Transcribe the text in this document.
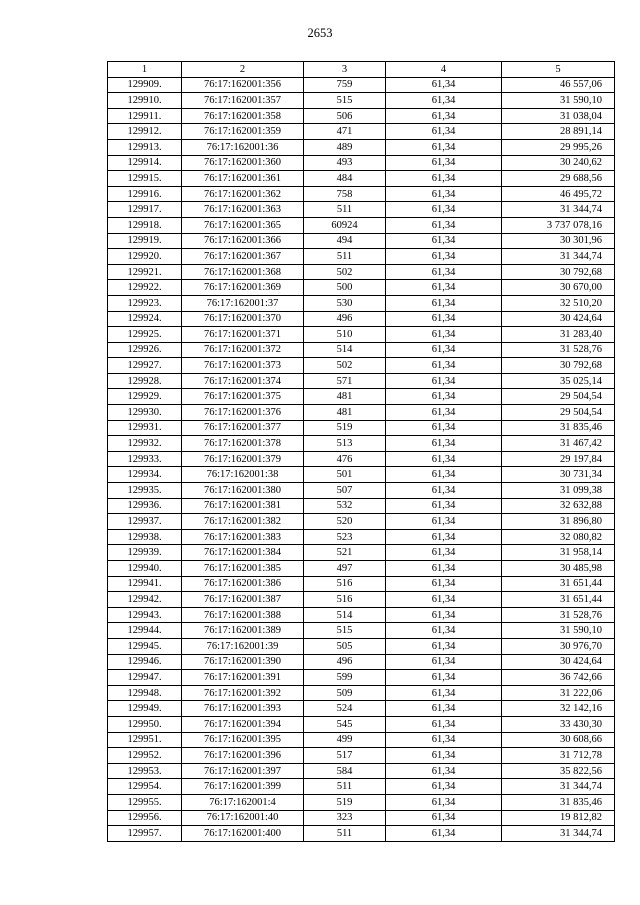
2653
1	2	3	4	5
129909.	76:17:162001:356	759	61,34	46 557,06
129910.	76:17:162001:357	515	61,34	31 590,10
129911.	76:17:162001:358	506	61,34	31 038,04
129912.	76:17:162001:359	471	61,34	28 891,14
129913.	76:17:162001:36	489	61,34	29 995,26
129914.	76:17:162001:360	493	61,34	30 240,62
129915.	76:17:162001:361	484	61,34	29 688,56
129916.	76:17:162001:362	758	61,34	46 495,72
129917.	76:17:162001:363	511	61,34	31 344,74
129918.	76:17:162001:365	60924	61,34	3 737 078,16
129919.	76:17:162001:366	494	61,34	30 301,96
129920.	76:17:162001:367	511	61,34	31 344,74
129921.	76:17:162001:368	502	61,34	30 792,68
129922.	76:17:162001:369	500	61,34	30 670,00
129923.	76:17:162001:37	530	61,34	32 510,20
129924.	76:17:162001:370	496	61,34	30 424,64
129925.	76:17:162001:371	510	61,34	31 283,40
129926.	76:17:162001:372	514	61,34	31 528,76
129927.	76:17:162001:373	502	61,34	30 792,68
129928.	76:17:162001:374	571	61,34	35 025,14
129929.	76:17:162001:375	481	61,34	29 504,54
129930.	76:17:162001:376	481	61,34	29 504,54
129931.	76:17:162001:377	519	61,34	31 835,46
129932.	76:17:162001:378	513	61,34	31 467,42
129933.	76:17:162001:379	476	61,34	29 197,84
129934.	76:17:162001:38	501	61,34	30 731,34
129935.	76:17:162001:380	507	61,34	31 099,38
129936.	76:17:162001:381	532	61,34	32 632,88
129937.	76:17:162001:382	520	61,34	31 896,80
129938.	76:17:162001:383	523	61,34	32 080,82
129939.	76:17:162001:384	521	61,34	31 958,14
129940.	76:17:162001:385	497	61,34	30 485,98
129941.	76:17:162001:386	516	61,34	31 651,44
129942.	76:17:162001:387	516	61,34	31 651,44
129943.	76:17:162001:388	514	61,34	31 528,76
129944.	76:17:162001:389	515	61,34	31 590,10
129945.	76:17:162001:39	505	61,34	30 976,70
129946.	76:17:162001:390	496	61,34	30 424,64
129947.	76:17:162001:391	599	61,34	36 742,66
129948.	76:17:162001:392	509	61,34	31 222,06
129949.	76:17:162001:393	524	61,34	32 142,16
129950.	76:17:162001:394	545	61,34	33 430,30
129951.	76:17:162001:395	499	61,34	30 608,66
129952.	76:17:162001:396	517	61,34	31 712,78
129953.	76:17:162001:397	584	61,34	35 822,56
129954.	76:17:162001:399	511	61,34	31 344,74
129955.	76:17:162001:4	519	61,34	31 835,46
129956.	76:17:162001:40	323	61,34	19 812,82
129957.	76:17:162001:400	511	61,34	31 344,74
